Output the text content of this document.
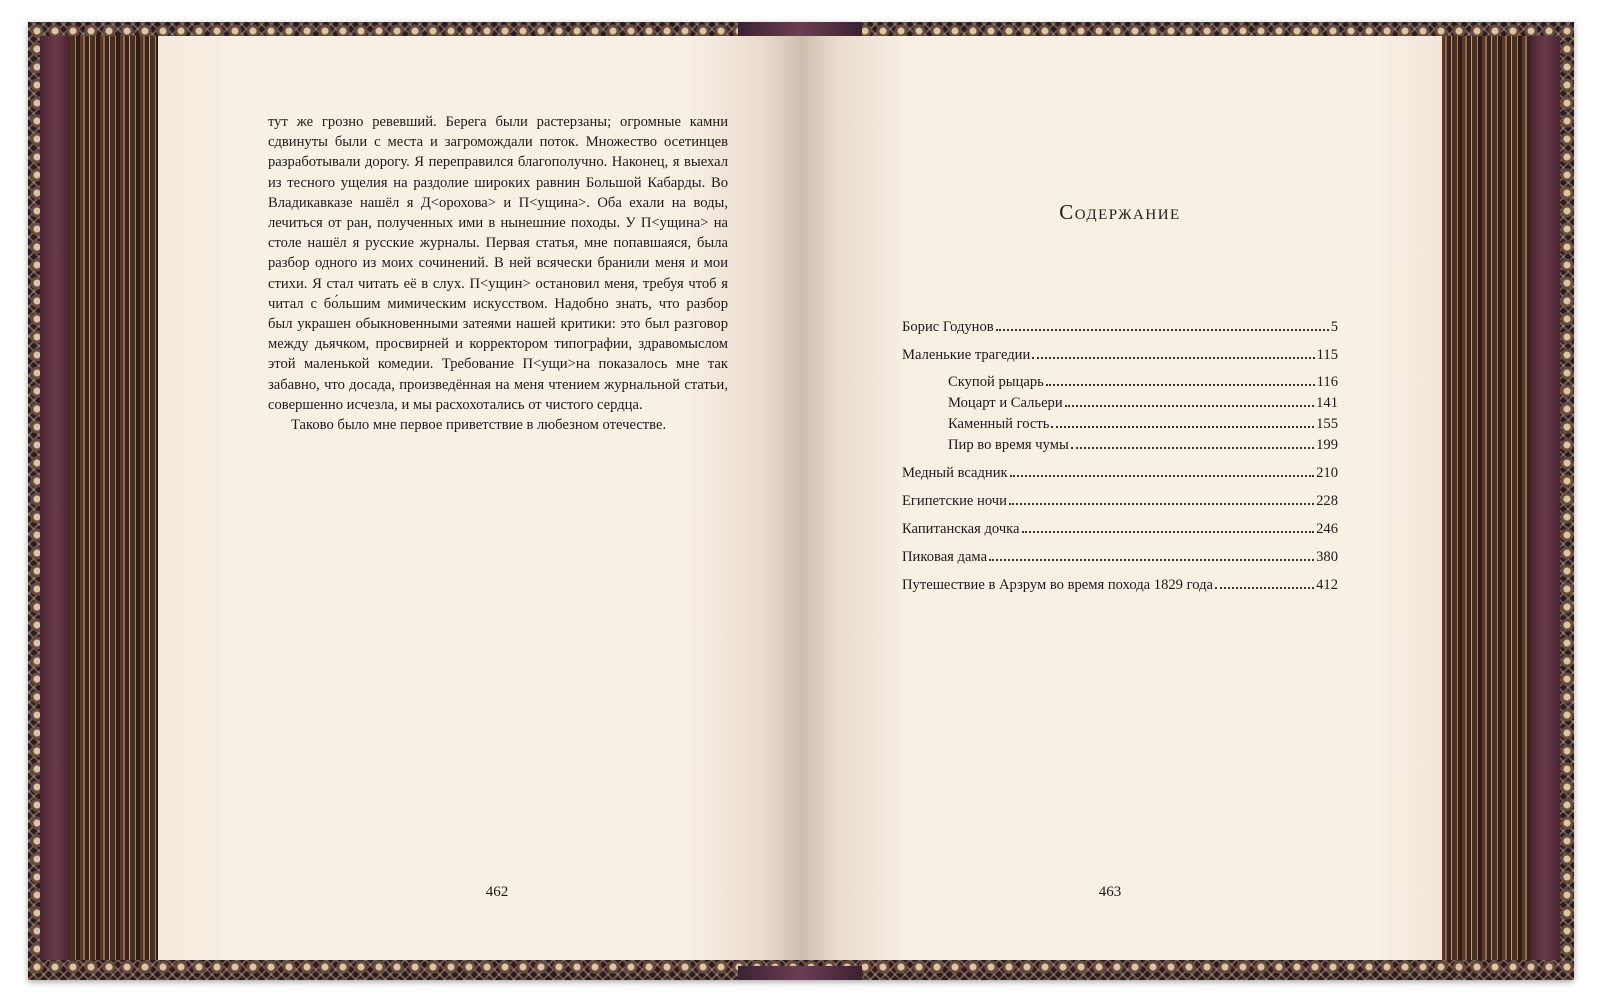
тут же грозно ревевший. Берега были растерзаны; огромные камни сдвинуты были с места и загромождали поток. Множество осетинцев разработывали дорогу. Я переправился благополучно. Наконец, я выехал из тесного ущелия на раздолие широких равнин Большой Кабарды. Во Владикавказе нашёл я Д<орохова> и П<ущина>. Оба ехали на воды, лечиться от ран, полученных ими в нынешние походы. У П<ущина> на столе нашёл я русские журналы. Первая статья, мне попавшаяся, была разбор одного из моих сочинений. В ней всячески бранили меня и мои стихи. Я стал читать её в слух. П<ущин> остановил меня, требуя чтоб я читал с бо́льшим мимическим искусством. Надобно знать, что разбор был украшен обыкновенными затеями нашей критики: это был разговор между дьячком, просвирней и корректором типографии, здравомыслом этой маленькой комедии. Требование П<ущи>на показалось мне так забавно, что досада, произведённая на меня чтением журнальной статьи, совершенно исчезла, и мы расхохотались от чистого сердца.

Таково было мне первое приветствие в любезном отечестве.

462
Содержание
Борис Годунов	5
Маленькие трагедии	115
Скупой рыцарь	116
Моцарт и Сальери	141
Каменный гость	155
Пир во время чумы	199
Медный всадник	210
Египетские ночи	228
Капитанская дочка	246
Пиковая дама	380
Путешествие в Арзрум во время похода 1829 года	412
463
